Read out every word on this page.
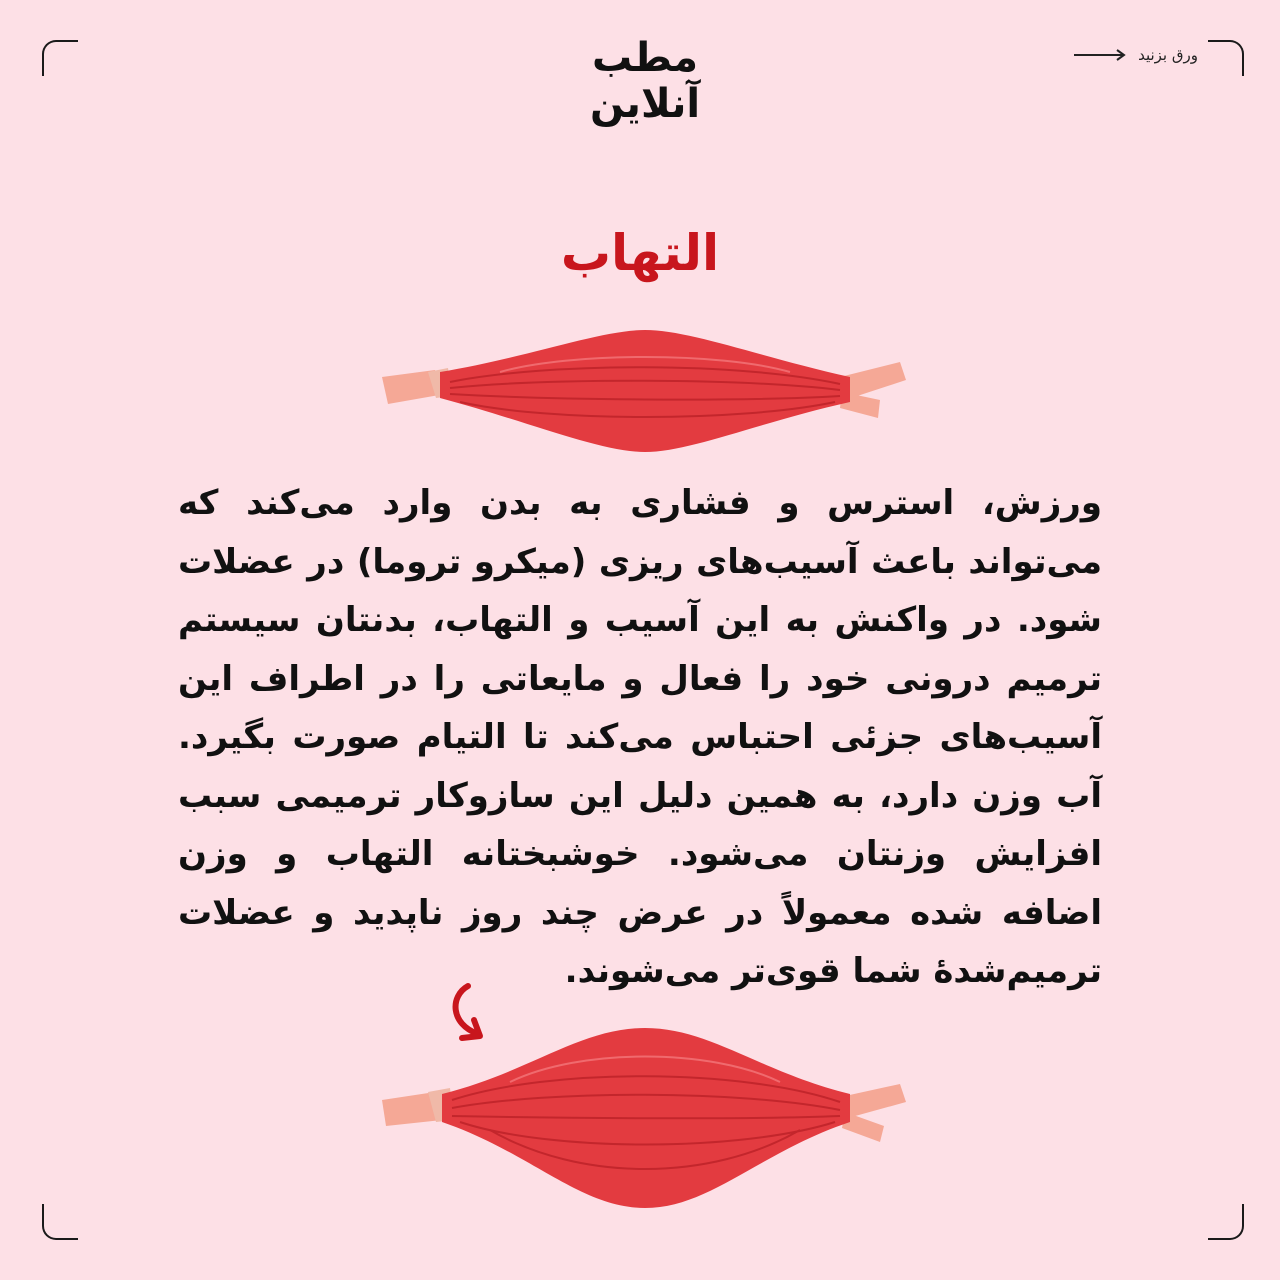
مطب
آنلاین
ورق بزنید
التهاب
ورزش، استرس و فشاری به بدن وارد می‌کند که می‌تواند باعث آسیب‌های ریزی (میکرو تروما) در عضلات شود. در واکنش به این آسیب و التهاب، بدنتان سیستم ترمیم درونی خود را فعال و مایعاتی را در اطراف این آسیب‌های جزئی احتباس می‌کند تا التیام صورت بگیرد. آب وزن دارد، به همین دلیل این سازوکار ترمیمی سبب افزایش وزنتان می‌شود. خوشبختانه التهاب و وزن اضافه شده معمولاً در عرض چند روز ناپدید و عضلات ترمیم‌شدهٔ شما قوی‌تر می‌شوند.
